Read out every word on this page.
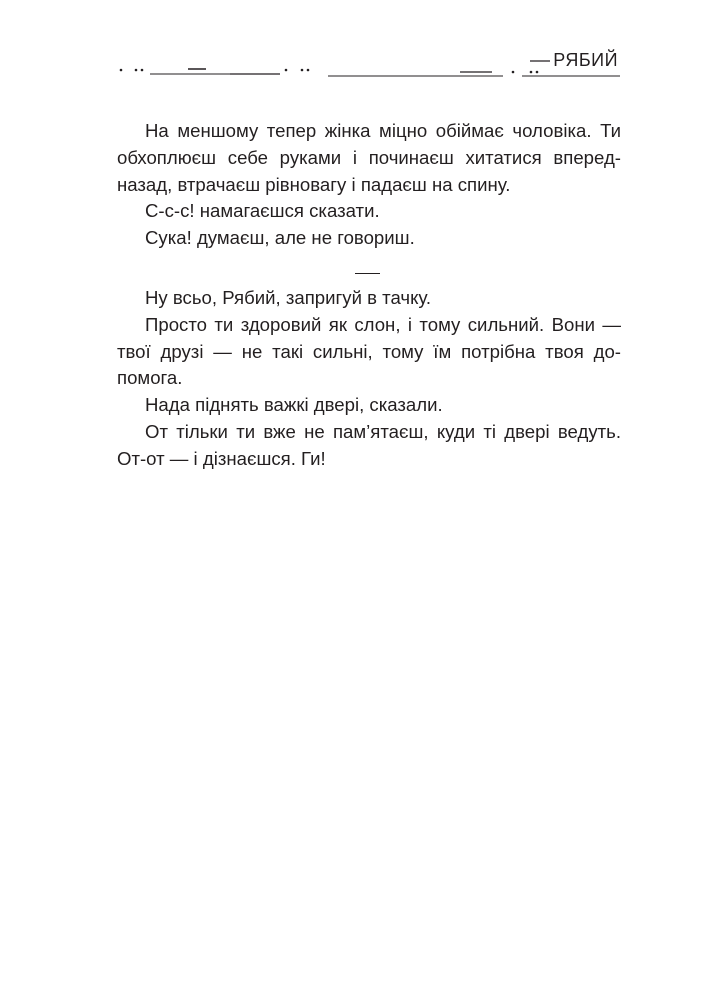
РЯБИЙ

На меншому тепер жінка міцно обіймає чоловіка. Ти обхоплюєш себе руками і починаєш хитатися вперед-назад, втрачаєш рівновагу і падаєш на спину.

С-с-с! намагаєшся сказати.

Сука! думаєш, але не говориш.

Ну всьо, Рябий, запригуй в тачку.

Просто ти здоровий як слон, і тому сильний. Вони — твої друзі — не такі сильні, тому їм потрібна твоя допомога.

Нада піднять важкі двері, сказали.

От тільки ти вже не пам’ятаєш, куди ті двері ведуть. От-от — і дізнаєшся. Ги!
